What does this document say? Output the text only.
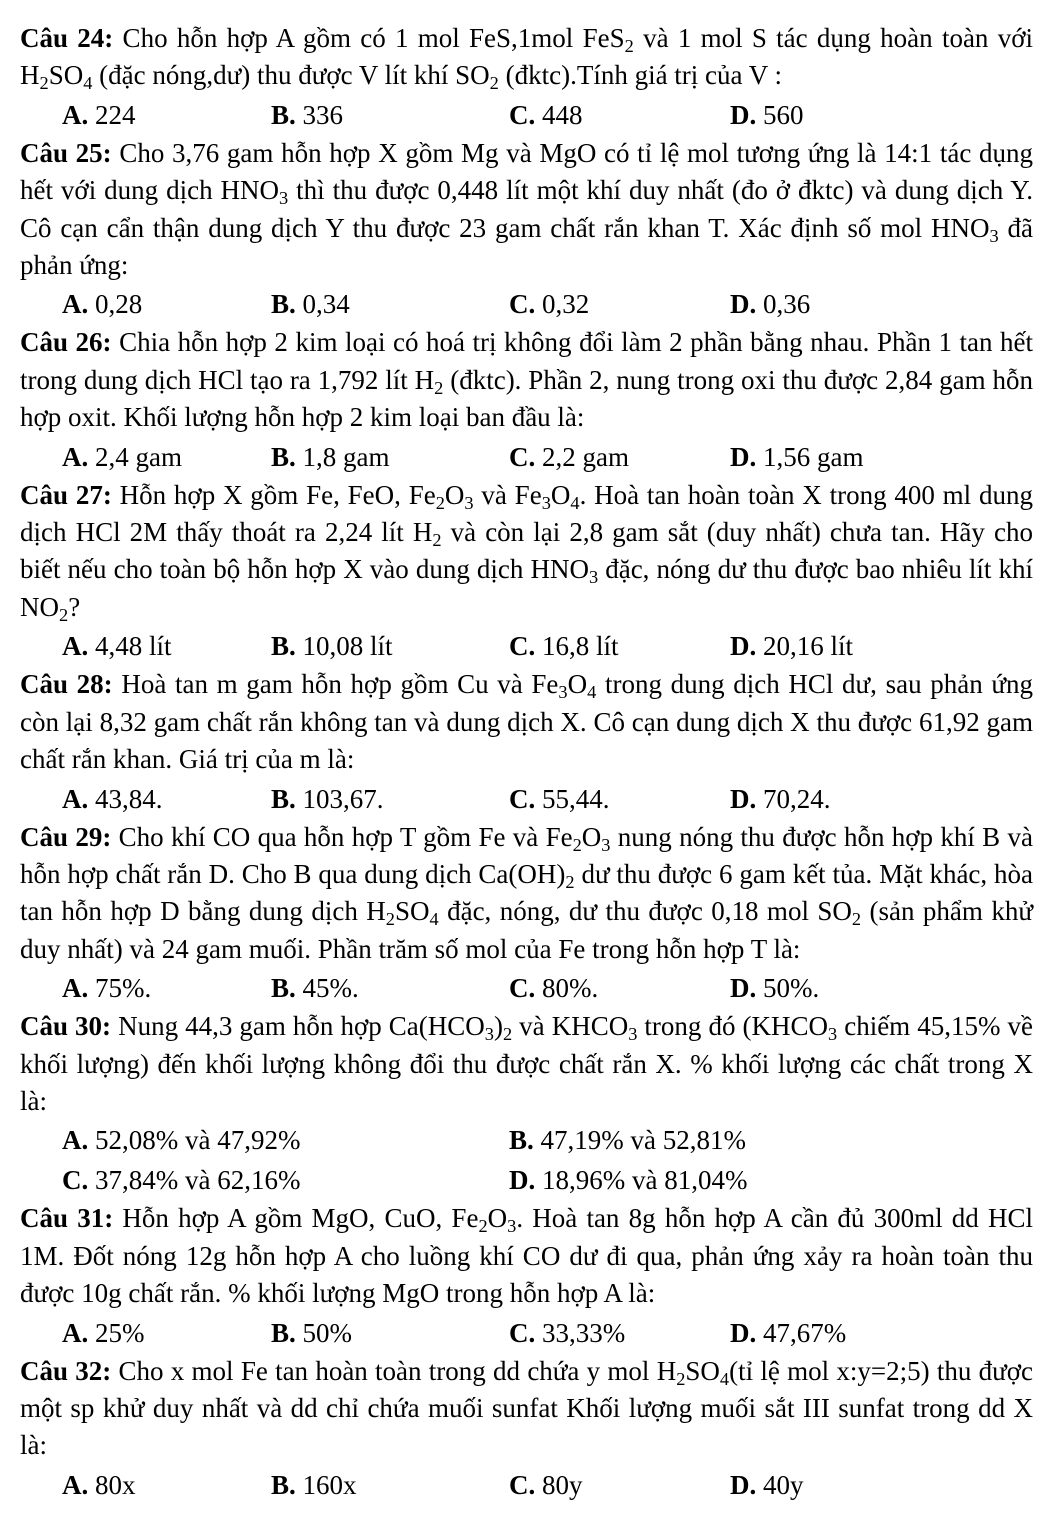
Câu 24: Cho hỗn hợp A gồm có 1 mol FeS,1mol FeS$_2$ và 1 mol S tác dụng hoàn toàn với $H_2SO_4$ (đặc nóng,dư) thu được V lít khí $SO_2$ (đktc).Tính giá trị của V :

A. 224	B. 336	C. 448	D. 560

Câu 25: Cho 3,76 gam hỗn hợp X gồm Mg và MgO có tỉ lệ mol tương ứng là 14:1 tác dụng hết với dung dịch $HNO_3$ thì thu được 0,448 lít một khí duy nhất (đo ở đktc) và dung dịch Y. Cô cạn cẩn thận dung dịch Y thu được 23 gam chất rắn khan T. Xác định số mol $HNO_3$ đã phản ứng:

A. 0,28	B. 0,34	C. 0,32	D. 0,36

Câu 26: Chia hỗn hợp 2 kim loại có hoá trị không đổi làm 2 phần bằng nhau. Phần 1 tan hết trong dung dịch HCl tạo ra 1,792 lít $H_2$ (đktc). Phần 2, nung trong oxi thu được 2,84 gam hỗn hợp oxit. Khối lượng hỗn hợp 2 kim loại ban đầu là:

A. 2,4 gam	B. 1,8 gam	C. 2,2 gam	D. 1,56 gam

Câu 27: Hỗn hợp X gồm Fe, FeO, $Fe_2O_3$ và $Fe_3O_4$. Hoà tan hoàn toàn X trong 400 ml dung dịch HCl 2M thấy thoát ra 2,24 lít $H_2$ và còn lại 2,8 gam sắt (duy nhất) chưa tan. Hãy cho biết nếu cho toàn bộ hỗn hợp X vào dung dịch $HNO_3$ đặc, nóng dư thu được bao nhiêu lít khí $NO_2$?

A. 4,48 lít	B. 10,08 lít	C. 16,8 lít	D. 20,16 lít

Câu 28: Hoà tan m gam hỗn hợp gồm Cu và $Fe_3O_4$ trong dung dịch HCl dư, sau phản ứng còn lại 8,32 gam chất rắn không tan và dung dịch X. Cô cạn dung dịch X thu được 61,92 gam chất rắn khan. Giá trị của m là:

A. 43,84.	B. 103,67.	C. 55,44.	D. 70,24.

Câu 29: Cho khí CO qua hỗn hợp T gồm Fe và $Fe_2O_3$ nung nóng thu được hỗn hợp khí B và hỗn hợp chất rắn D. Cho B qua dung dịch $Ca(OH)_2$ dư thu được 6 gam kết tủa. Mặt khác, hòa tan hỗn hợp D bằng dung dịch $H_2SO_4$ đặc, nóng, dư thu được 0,18 mol $SO_2$ (sản phẩm khử duy nhất) và 24 gam muối. Phần trăm số mol của Fe trong hỗn hợp T là:

A. 75%.	B. 45%.	C. 80%.	D. 50%.

Câu 30: Nung 44,3 gam hỗn hợp $Ca(HCO_3)_2$ và $KHCO_3$ trong đó ($KHCO_3$ chiếm 45,15% về khối lượng) đến khối lượng không đổi thu được chất rắn X. % khối lượng các chất trong X là:

A. 52,08% và 47,92%	B. 47,19% và 52,81%
C. 37,84% và 62,16%	D. 18,96% và 81,04%

Câu 31: Hỗn hợp A gồm MgO, CuO, $Fe_2O_3$. Hoà tan 8g hỗn hợp A cần đủ 300ml dd HCl 1M. Đốt nóng 12g hỗn hợp A cho luồng khí CO dư đi qua, phản ứng xảy ra hoàn toàn thu được 10g chất rắn. % khối lượng MgO trong hỗn hợp A là:

A. 25%	B. 50%	C. 33,33%	D. 47,67%

Câu 32: Cho x mol Fe tan hoàn toàn trong dd chứa y mol $H_2SO_4(tỉ$ lệ mol x:y=2;5) thu được một sp khử duy nhất và dd chỉ chứa muối sunfat Khối lượng muối sắt III sunfat trong dd X là:

A. 80x	B. 160x	C. 80y	D. 40y
